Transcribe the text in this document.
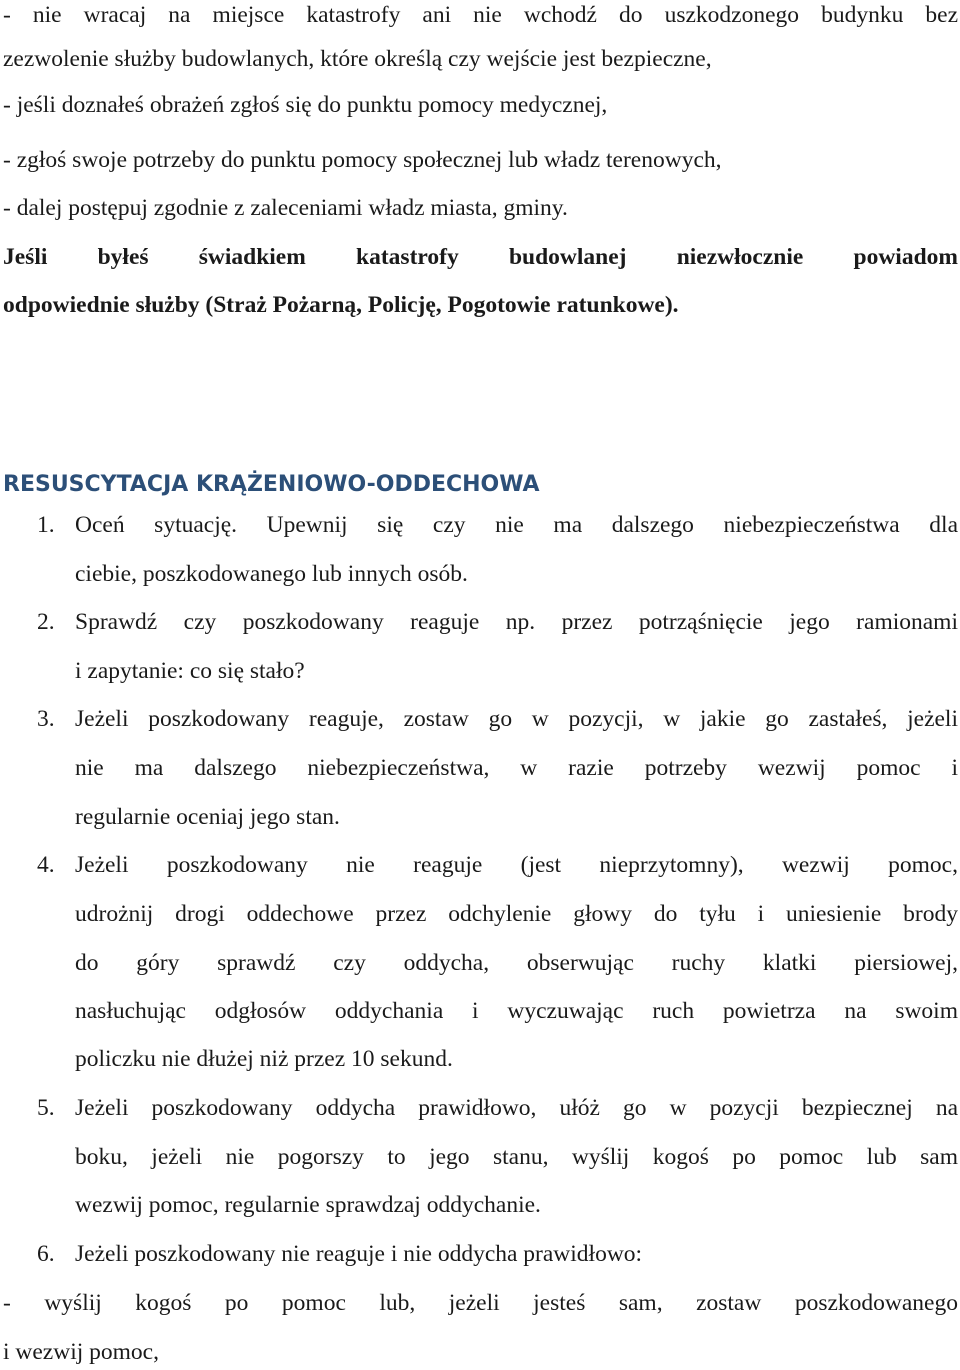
- nie wracaj na miejsce katastrofy ani nie wchodź do uszkodzonego budynku bez
zezwolenie służby budowlanych, które określą czy wejście jest bezpieczne,
- jeśli doznałeś obrażeń zgłoś się do punktu pomocy medycznej,
- zgłoś swoje potrzeby do punktu pomocy społecznej lub władz terenowych,
- dalej postępuj zgodnie z zaleceniami władz miasta, gminy.
Jeśli byłeś świadkiem katastrofy budowlanej niezwłocznie powiadom
odpowiednie służby (Straż Pożarną, Policję, Pogotowie ratunkowe).
RESUSCYTACJA KRĄŻENIOWO-ODDECHOWA
1. Oceń sytuację. Upewnij się czy nie ma dalszego niebezpieczeństwa dla
ciebie, poszkodowanego lub innych osób.
2. Sprawdź czy poszkodowany reaguje np. przez potrząśnięcie jego ramionami
i zapytanie: co się stało?
3. Jeżeli poszkodowany reaguje, zostaw go w pozycji, w jakie go zastałeś, jeżeli
nie ma dalszego niebezpieczeństwa, w razie potrzeby wezwij pomoc i
regularnie oceniaj jego stan.
4. Jeżeli poszkodowany nie reaguje (jest nieprzytomny), wezwij pomoc,
udrożnij drogi oddechowe przez odchylenie głowy do tyłu i uniesienie brody
do góry sprawdź czy oddycha, obserwując ruchy klatki piersiowej,
nasłuchując odgłosów oddychania i wyczuwając ruch powietrza na swoim
policzku nie dłużej niż przez 10 sekund.
5. Jeżeli poszkodowany oddycha prawidłowo, ułóż go w pozycji bezpiecznej na
boku, jeżeli nie pogorszy to jego stanu, wyślij kogoś po pomoc lub sam
wezwij pomoc, regularnie sprawdzaj oddychanie.
6. Jeżeli poszkodowany nie reaguje i nie oddycha prawidłowo:
- wyślij kogoś po pomoc lub, jeżeli jesteś sam, zostaw poszkodowanego
i wezwij pomoc,
